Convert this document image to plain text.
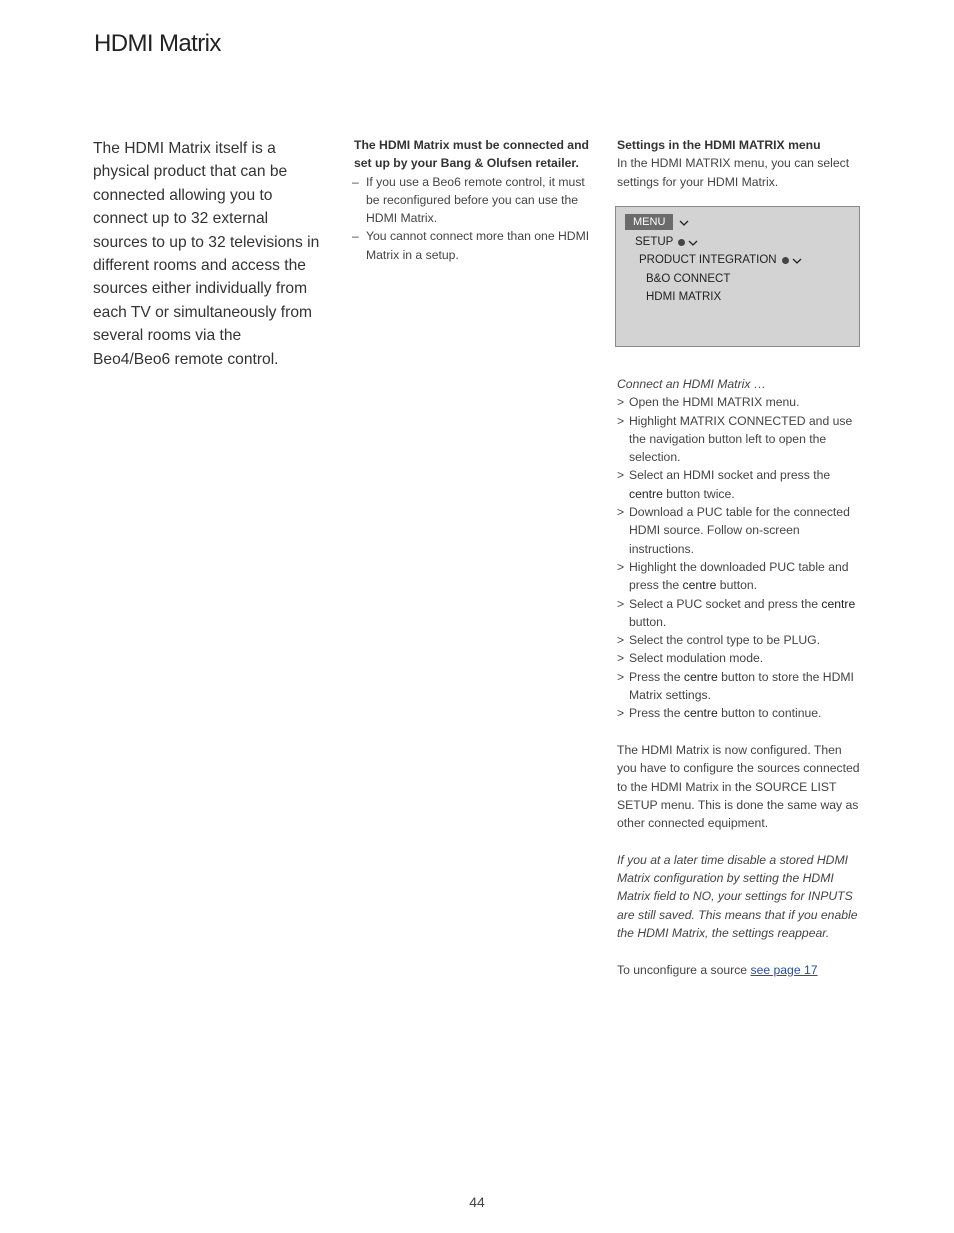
HDMI Matrix
The HDMI Matrix itself is a physical product that can be connected allowing you to connect up to 32 external sources to up to 32 televisions in different rooms and access the sources either individually from each TV or simultaneously from several rooms via the Beo4/Beo6 remote control.
The HDMI Matrix must be connected and set up by your Bang & Olufsen retailer.
– If you use a Beo6 remote control, it must be reconfigured before you can use the HDMI Matrix.
– You cannot connect more than one HDMI Matrix in a setup.
Settings in the HDMI MATRIX menu
In the HDMI MATRIX menu, you can select settings for your HDMI Matrix.
MENU
SETUP
PRODUCT INTEGRATION
B&O CONNECT
HDMI MATRIX
Connect an HDMI Matrix …
> Open the HDMI MATRIX menu.
> Highlight MATRIX CONNECTED and use the navigation button left to open the selection.
> Select an HDMI socket and press the centre button twice.
> Download a PUC table for the connected HDMI source. Follow on-screen instructions.
> Highlight the downloaded PUC table and press the centre button.
> Select a PUC socket and press the centre button.
> Select the control type to be PLUG.
> Select modulation mode.
> Press the centre button to store the HDMI Matrix settings.
> Press the centre button to continue.

The HDMI Matrix is now configured. Then you have to configure the sources connected to the HDMI Matrix in the SOURCE LIST SETUP menu. This is done the same way as other connected equipment.

If you at a later time disable a stored HDMI Matrix configuration by setting the HDMI Matrix field to NO, your settings for INPUTS are still saved. This means that if you enable the HDMI Matrix, the settings reappear.

To unconfigure a source see page 17

44
